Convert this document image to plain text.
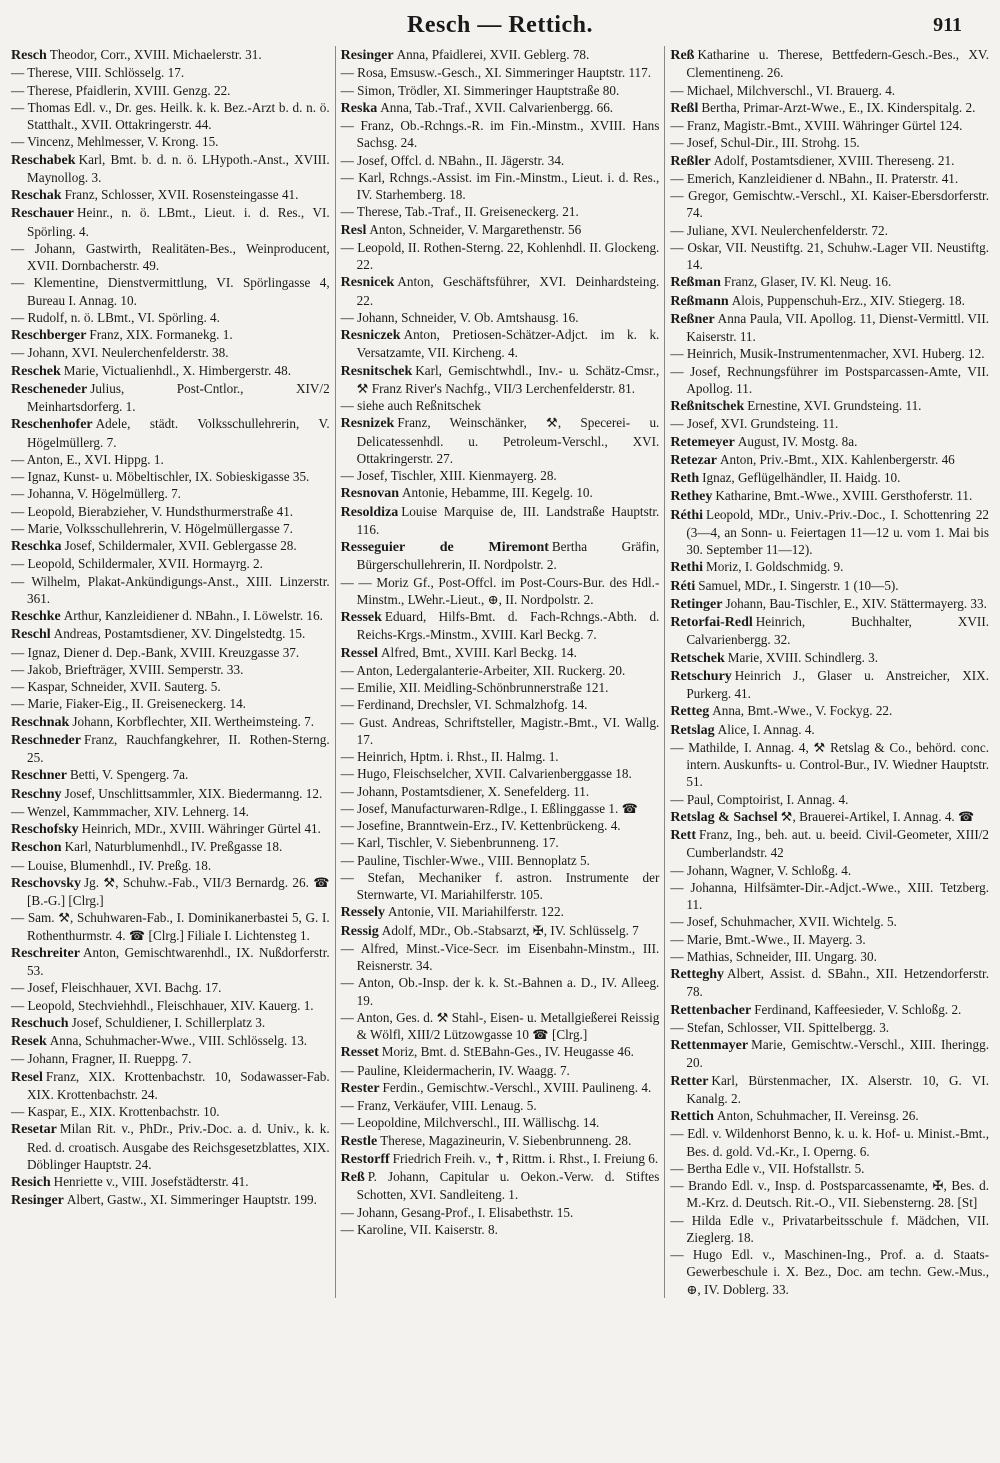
Resch — Rettich.	911
Resch Theodor, Corr., XVIII. Michaelerstr. 31.
— Therese, VIII. Schlösselg. 17.
— Therese, Pfaidlerin, XVIII. Genzg. 22.
— Thomas Edl. v., Dr. ges. Heilk. k. k. Bez.-Arzt b. d. n. ö. Statthalt., XVII. Ottakringerstr. 44.
— Vincenz, Mehlmesser, V. Krong. 15.
Reschabek Karl, Bmt. b. d. n. ö. LHypoth.-Anst., XVIII. Maynollog. 3.
Reschak Franz, Schlosser, XVII. Rosensteingasse 41.
Reschauer Heinr., n. ö. LBmt., Lieut. i. d. Res., VI. Spörling. 4.
— Johann, Gastwirth, Realitäten-Bes., Weinproducent, XVII. Dornbacherstr. 49.
— Klementine, Dienstvermittlung, VI. Spörlingasse 4, Bureau I. Annag. 10.
— Rudolf, n. ö. LBmt., VI. Spörling. 4.
Reschberger Franz, XIX. Formanekg. 1.
— Johann, XVI. Neulerchenfelderstr. 38.
Reschek Marie, Victualienhdl., X. Himbergerstr. 48.
Rescheneder Julius, Post-Cntlor., XIV/2 Meinhartsdorferg. 1.
Reschenhofer Adele, städt. Volksschullehrerin, V. Högelmüllerg. 7.
— Anton, E., XVI. Hippg. 1.
— Ignaz, Kunst- u. Möbeltischler, IX. Sobieskigasse 35.
— Johanna, V. Högelmüllerg. 7.
— Leopold, Bierabzieher, V. Hundsthurmerstraße 41.
— Marie, Volksschullehrerin, V. Högelmüllergasse 7.
Reschka Josef, Schildermaler, XVII. Geblergasse 28.
— Leopold, Schildermaler, XVII. Hormayrg. 2.
— Wilhelm, Plakat-Ankündigungs-Anst., XIII. Linzerstr. 361.
Reschke Arthur, Kanzleidiener d. NBahn., I. Löwelstr. 16.
Reschl Andreas, Postamtsdiener, XV. Dingelstedtg. 15.
— Ignaz, Diener d. Dep.-Bank, XVIII. Kreuzgasse 37.
— Jakob, Briefträger, XVIII. Semperstr. 33.
— Kaspar, Schneider, XVII. Sauterg. 5.
— Marie, Fiaker-Eig., II. Greiseneckerg. 14.
Reschnak Johann, Korbflechter, XII. Wertheimsteing. 7.
Reschneder Franz, Rauchfangkehrer, II. Rothen-Sterng. 25.
Reschner Betti, V. Spengerg. 7a.
Reschny Josef, Unschlittsammler, XIX. Biedermanng. 12.
— Wenzel, Kammmacher, XIV. Lehnerg. 14.
Reschofsky Heinrich, MDr., XVIII. Währinger Gürtel 41.
Reschon Karl, Naturblumenhdl., IV. Preßgasse 18.
— Louise, Blumenhdl., IV. Preßg. 18.
Reschovsky Jg. ⚒, Schuhw.-Fab., VII/3 Bernardg. 26. ☎ [B.-G.] [Clrg.]
— Sam. ⚒, Schuhwaren-Fab., I. Dominikanerbastei 5, G. I. Rothenthurmstr. 4. ☎ [Clrg.] Filiale I. Lichtensteg 1.
Reschreiter Anton, Gemischtwarenhdl., IX. Nußdorferstr. 53.
— Josef, Fleischhauer, XVI. Bachg. 17.
— Leopold, Stechviehhdl., Fleischhauer, XIV. Kauerg. 1.
Reschuch Josef, Schuldiener, I. Schillerplatz 3.
Resek Anna, Schuhmacher-Wwe., VIII. Schlösselg. 13.
— Johann, Fragner, II. Rueppg. 7.
Resel Franz, XIX. Krottenbachstr. 10, Sodawasser-Fab. XIX. Krottenbachstr. 24.
— Kaspar, E., XIX. Krottenbachstr. 10.
Resetar Milan Rit. v., PhDr., Priv.-Doc. a. d. Univ., k. k. Red. d. croatisch. Ausgabe des Reichsgesetzblattes, XIX. Döblinger Hauptstr. 24.
Resich Henriette v., VIII. Josefstädterstr. 41.
Resinger Albert, Gastw., XI. Simmeringer Hauptstr. 199.
Resinger Anna, Pfaidlerei, XVII. Geblerg. 78.
— Rosa, Emsusw.-Gesch., XI. Simmeringer Hauptstr. 117.
— Simon, Trödler, XI. Simmeringer Hauptstraße 80.
Reska Anna, Tab.-Traf., XVII. Calvarienbergg. 66.
— Franz, Ob.-Rchngs.-R. im Fin.-Minstm., XVIII. Hans Sachsg. 24.
— Josef, Offcl. d. NBahn., II. Jägerstr. 34.
— Karl, Rchngs.-Assist. im Fin.-Minstm., Lieut. i. d. Res., IV. Starhemberg. 18.
— Therese, Tab.-Traf., II. Greiseneckerg. 21.
Resl Anton, Schneider, V. Margarethenstr. 56
— Leopold, II. Rothen-Sterng. 22, Kohlenhdl. II. Glockeng. 22.
Resnicek Anton, Geschäftsführer, XVI. Deinhardsteing. 22.
— Johann, Schneider, V. Ob. Amtshausg. 16.
Resniczek Anton, Pretiosen-Schätzer-Adjct. im k. k. Versatzamte, VII. Kircheng. 4.
Resnitschek Karl, Gemischtwhdl., Inv.- u. Schätz-Cmsr., ⚒ Franz River's Nachfg., VII/3 Lerchenfelderstr. 81.
— siehe auch Reßnitschek
Resnizek Franz, Weinschänker, ⚒, Specerei- u. Delicatessenhdl. u. Petroleum-Verschl., XVI. Ottakringerstr. 27.
— Josef, Tischler, XIII. Kienmayerg. 28.
Resnovan Antonie, Hebamme, III. Kegelg. 10.
Resoldiza Louise Marquise de, III. Landstraße Hauptstr. 116.
Resseguier de Miremont Bertha Gräfin, Bürgerschullehrerin, II. Nordpolstr. 2.
— — Moriz Gf., Post-Offcl. im Post-Cours-Bur. des Hdl.-Minstm., LWehr.-Lieut., ⊕, II. Nordpolstr. 2.
Ressek Eduard, Hilfs-Bmt. d. Fach-Rchngs.-Abth. d. Reichs-Krgs.-Minstm., XVIII. Karl Beckg. 7.
Ressel Alfred, Bmt., XVIII. Karl Beckg. 14.
— Anton, Ledergalanterie-Arbeiter, XII. Ruckerg. 20.
— Emilie, XII. Meidling-Schönbrunnerstraße 121.
— Ferdinand, Drechsler, VI. Schmalzhofg. 14.
— Gust. Andreas, Schriftsteller, Magistr.-Bmt., VI. Wallg. 17.
— Heinrich, Hptm. i. Rhst., II. Halmg. 1.
— Hugo, Fleischselcher, XVII. Calvarienberggasse 18.
— Johann, Postamtsdiener, X. Senefelderg. 11.
— Josef, Manufacturwaren-Rdlge., I. Eßlinggasse 1. ☎
— Josefine, Branntwein-Erz., IV. Kettenbrückeng. 4.
— Karl, Tischler, V. Siebenbrunneng. 17.
— Pauline, Tischler-Wwe., VIII. Bennoplatz 5.
— Stefan, Mechaniker f. astron. Instrumente der Sternwarte, VI. Mariahilferstr. 105.
Ressely Antonie, VII. Mariahilferstr. 122.
Ressig Adolf, MDr., Ob.-Stabsarzt, ✠, IV. Schlüsselg. 7
— Alfred, Minst.-Vice-Secr. im Eisenbahn-Minstm., III. Reisnerstr. 34.
— Anton, Ob.-Insp. der k. k. St.-Bahnen a. D., IV. Alleeg. 19.
— Anton, Ges. d. ⚒ Stahl-, Eisen- u. Metallgießerei Reissig & Wölfl, XIII/2 Lützowgasse 10 ☎ [Clrg.]
Resset Moriz, Bmt. d. StEBahn-Ges., IV. Heugasse 46.
— Pauline, Kleidermacherin, IV. Waagg. 7.
Rester Ferdin., Gemischtw.-Verschl., XVIII. Paulineng. 4.
— Franz, Verkäufer, VIII. Lenaug. 5.
— Leopoldine, Milchverschl., III. Wällischg. 14.
Restle Therese, Magazineurin, V. Siebenbrunneng. 28.
Restorff Friedrich Freih. v., ✝, Rittm. i. Rhst., I. Freiung 6.
Reß P. Johann, Capitular u. Oekon.-Verw. d. Stiftes Schotten, XVI. Sandleiteng. 1.
— Johann, Gesang-Prof., I. Elisabethstr. 15.
— Karoline, VII. Kaiserstr. 8.
Reß Katharine u. Therese, Bettfedern-Gesch.-Bes., XV. Clementineng. 26.
— Michael, Milchverschl., VI. Brauerg. 4.
Reßl Bertha, Primar-Arzt-Wwe., E., IX. Kinderspitalg. 2.
— Franz, Magistr.-Bmt., XVIII. Währinger Gürtel 124.
— Josef, Schul-Dir., III. Strohg. 15.
Reßler Adolf, Postamtsdiener, XVIII. Thereseng. 21.
— Emerich, Kanzleidiener d. NBahn., II. Praterstr. 41.
— Gregor, Gemischtw.-Verschl., XI. Kaiser-Ebersdorferstr. 74.
— Juliane, XVI. Neulerchenfelderstr. 72.
— Oskar, VII. Neustiftg. 21, Schuhw.-Lager VII. Neustiftg. 14.
Reßman Franz, Glaser, IV. Kl. Neug. 16.
Reßmann Alois, Puppenschuh-Erz., XIV. Stiegerg. 18.
Reßner Anna Paula, VII. Apollog. 11, Dienst-Vermittl. VII. Kaiserstr. 11.
— Heinrich, Musik-Instrumentenmacher, XVI. Huberg. 12.
— Josef, Rechnungsführer im Postsparcassen-Amte, VII. Apollog. 11.
Reßnitschek Ernestine, XVI. Grundsteing. 11.
— Josef, XVI. Grundsteing. 11.
Retemeyer August, IV. Mostg. 8a.
Retezar Anton, Priv.-Bmt., XIX. Kahlenbergerstr. 46
Reth Ignaz, Geflügelhändler, II. Haidg. 10.
Rethey Katharine, Bmt.-Wwe., XVIII. Gersthoferstr. 11.
Réthi Leopold, MDr., Univ.-Priv.-Doc., I. Schottenring 22 (3—4, an Sonn- u. Feiertagen 11—12 u. vom 1. Mai bis 30. September 11—12).
Rethi Moriz, I. Goldschmidg. 9.
Réti Samuel, MDr., I. Singerstr. 1 (10—5).
Retinger Johann, Bau-Tischler, E., XIV. Stättermayerg. 33.
Retorfai-Redl Heinrich, Buchhalter, XVII. Calvarienbergg. 32.
Retschek Marie, XVIII. Schindlerg. 3.
Retschury Heinrich J., Glaser u. Anstreicher, XIX. Purkerg. 41.
Retteg Anna, Bmt.-Wwe., V. Fockyg. 22.
Retslag Alice, I. Annag. 4.
— Mathilde, I. Annag. 4, ⚒ Retslag & Co., behörd. conc. intern. Auskunfts- u. Control-Bur., IV. Wiedner Hauptstr. 51.
— Paul, Comptoirist, I. Annag. 4.
Retslag & Sachsel ⚒, Brauerei-Artikel, I. Annag. 4. ☎
Rett Franz, Ing., beh. aut. u. beeid. Civil-Geometer, XIII/2 Cumberlandstr. 42
— Johann, Wagner, V. Schloßg. 4.
— Johanna, Hilfsämter-Dir.-Adjct.-Wwe., XIII. Tetzberg. 11.
— Josef, Schuhmacher, XVII. Wichtelg. 5.
— Marie, Bmt.-Wwe., II. Mayerg. 3.
— Mathias, Schneider, III. Ungarg. 30.
Retteghy Albert, Assist. d. SBahn., XII. Hetzendorferstr. 78.
Rettenbacher Ferdinand, Kaffeesieder, V. Schloßg. 2.
— Stefan, Schlosser, VII. Spittelbergg. 3.
Rettenmayer Marie, Gemischtw.-Verschl., XIII. Iheringg. 20.
Retter Karl, Bürstenmacher, IX. Alserstr. 10, G. VI. Kanalg. 2.
Rettich Anton, Schuhmacher, II. Vereinsg. 26.
— Edl. v. Wildenhorst Benno, k. u. k. Hof- u. Minist.-Bmt., Bes. d. gold. Vd.-Kr., I. Operng. 6.
— Bertha Edle v., VII. Hofstallstr. 5.
— Brando Edl. v., Insp. d. Postsparcassenamte, ✠, Bes. d. M.-Krz. d. Deutsch. Rit.-O., VII. Siebensterng. 28. [St]
— Hilda Edle v., Privatarbeitsschule f. Mädchen, VII. Zieglerg. 18.
— Hugo Edl. v., Maschinen-Ing., Prof. a. d. Staats-Gewerbeschule i. X. Bez., Doc. am techn. Gew.-Mus., ⊕, IV. Doblerg. 33.
